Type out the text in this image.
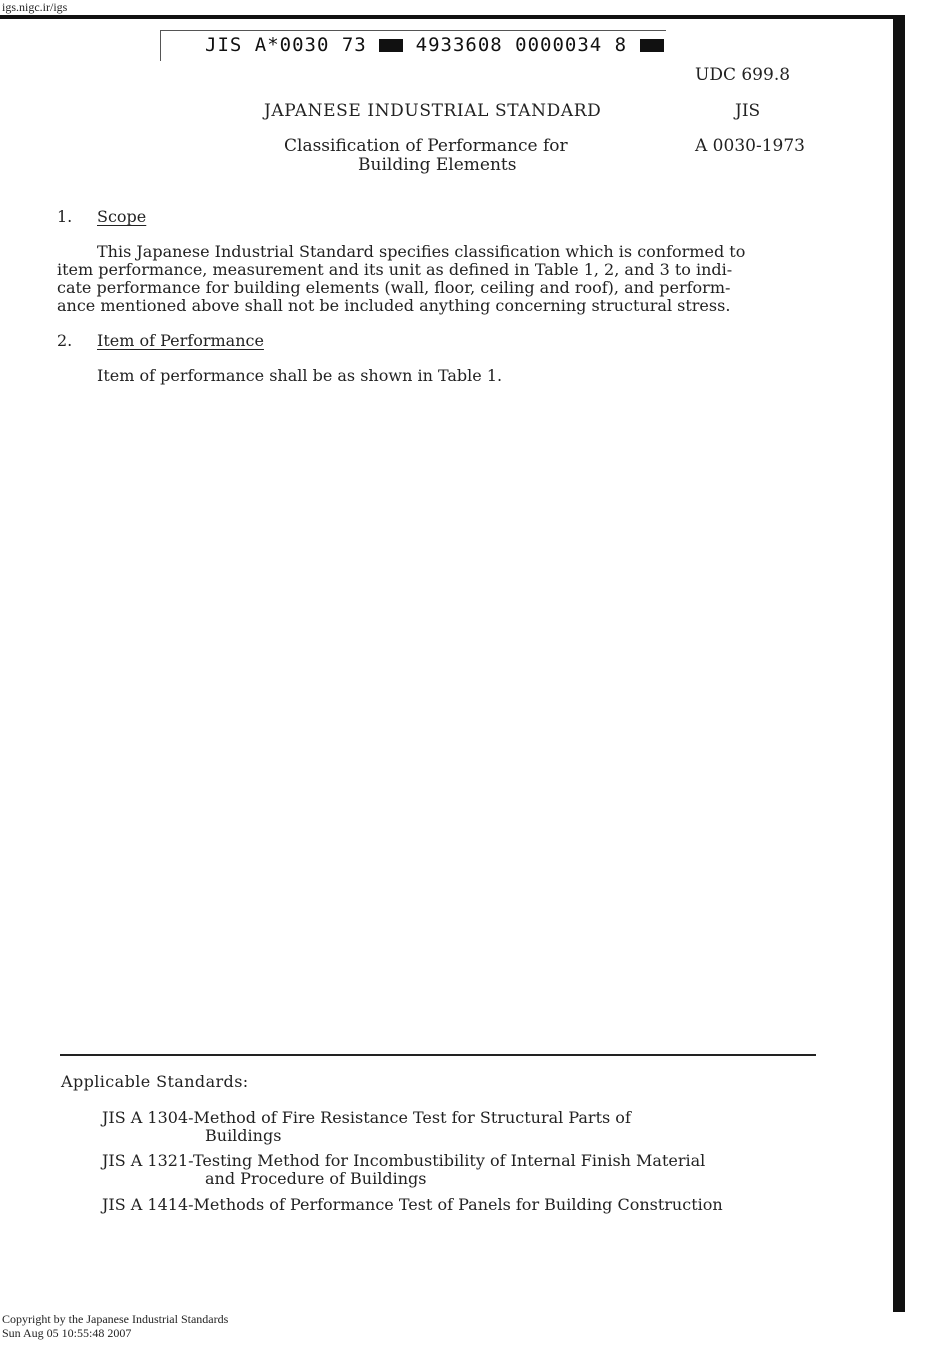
igs.nigc.ir/igs
JIS A*0030 73	4933608 0000034 8
UDC 699.8
JAPANESE INDUSTRIAL STANDARD	JIS
Classification of Performance for
Building Elements
A 0030-1973
1. Scope
This Japanese Industrial Standard specifies classification which is conformed to
item performance, measurement and its unit as defined in Table 1, 2, and 3 to indi-
cate performance for building elements (wall, floor, ceiling and roof), and perform-
ance mentioned above shall not be included anything concerning structural stress.
2. Item of Performance
Item of performance shall be as shown in Table 1.
Applicable Standards:
JIS A 1304-Method of Fire Resistance Test for Structural Parts of
Buildings
JIS A 1321-Testing Method for Incombustibility of Internal Finish Material
and Procedure of Buildings
JIS A 1414-Methods of Performance Test of Panels for Building Construction
Copyright by the Japanese Industrial Standards
Sun Aug 05 10:55:48 2007
